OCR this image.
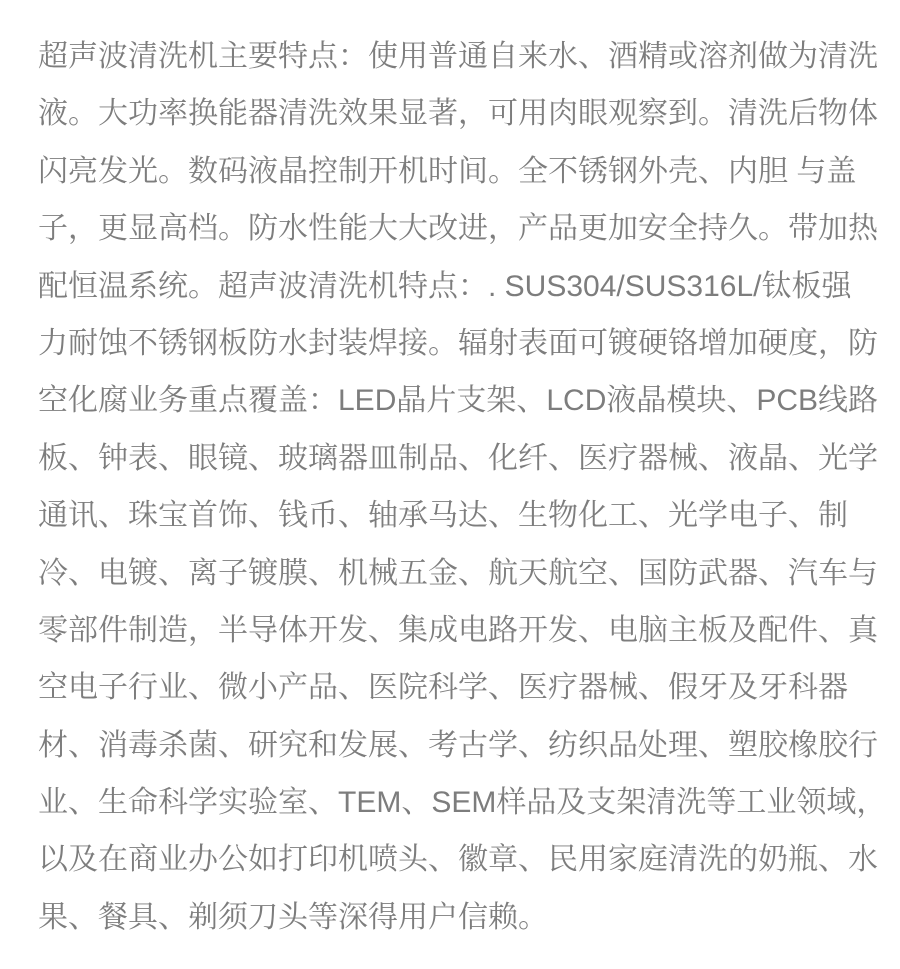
超声波清洗机主要特点：使用普通自来水、酒精或溶剂做为清洗
液。大功率换能器清洗效果显著，可用肉眼观察到。清洗后物体
闪亮发光。数码液晶控制开机时间。全不锈钢外壳、内胆 与盖
子，更显高档。防水性能大大改进，产品更加安全持久。带加热
配恒温系统。超声波清洗机特点：. SUS304/SUS316L/钛板强
力耐蚀不锈钢板防水封装焊接。辐射表面可镀硬铬增加硬度，防
空化腐业务重点覆盖：LED晶片支架、LCD液晶模块、PCB线路
板、钟表、眼镜、玻璃器皿制品、化纤、医疗器械、液晶、光学
通讯、珠宝首饰、钱币、轴承马达、生物化工、光学电子、制
冷、电镀、离子镀膜、机械五金、航天航空、国防武器、汽车与
零部件制造，半导体开发、集成电路开发、电脑主板及配件、真
空电子行业、微小产品、医院科学、医疗器械、假牙及牙科器
材、消毒杀菌、研究和发展、考古学、纺织品处理、塑胶橡胶行
业、生命科学实验室、TEM、SEM样品及支架清洗等工业领域，
以及在商业办公如打印机喷头、徽章、民用家庭清洗的奶瓶、水
果、餐具、剃须刀头等深得用户信赖。
